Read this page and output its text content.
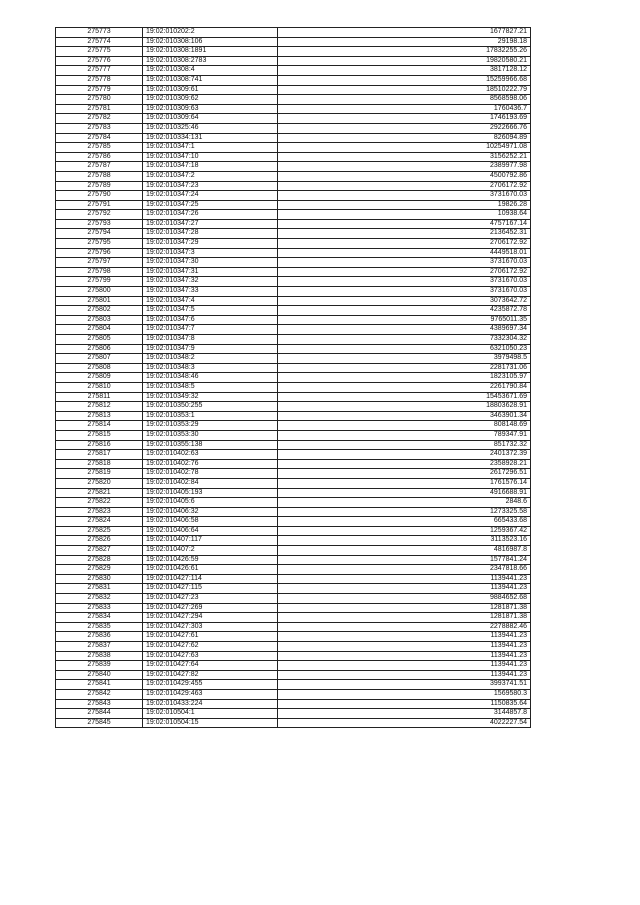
275773	19:02:010202:2	1677827.21
275774	19:02:010308:106	29198.18
275775	19:02:010308:1891	17832255.26
275776	19:02:010308:2783	19820580.21
275777	19:02:010308:4	3817128.12
275778	19:02:010308:741	15259966.68
275779	19:02:010309:61	18510222.79
275780	19:02:010309:62	8568598.06
275781	19:02:010309:63	1760436.7
275782	19:02:010309:64	1746193.69
275783	19:02:010325:46	2922666.76
275784	19:02:010334:131	826094.89
275785	19:02:010347:1	10254971.08
275786	19:02:010347:10	3156252.21
275787	19:02:010347:18	2389977.98
275788	19:02:010347:2	4500792.86
275789	19:02:010347:23	2706172.92
275790	19:02:010347:24	3731670.03
275791	19:02:010347:25	19826.28
275792	19:02:010347:26	10938.64
275793	19:02:010347:27	4757167.14
275794	19:02:010347:28	2136452.31
275795	19:02:010347:29	2706172.92
275796	19:02:010347:3	4449518.01
275797	19:02:010347:30	3731670.03
275798	19:02:010347:31	2706172.92
275799	19:02:010347:32	3731670.03
275800	19:02:010347:33	3731670.03
275801	19:02:010347:4	3073642.72
275802	19:02:010347:5	4235872.78
275803	19:02:010347:6	9765011.35
275804	19:02:010347:7	4389697.34
275805	19:02:010347:8	7332304.32
275806	19:02:010347:9	6321050.23
275807	19:02:010348:2	3979498.5
275808	19:02:010348:3	2281731.06
275809	19:02:010348:46	1823105.97
275810	19:02:010348:5	2261790.84
275811	19:02:010349:32	15453671.69
275812	19:02:010350:255	18803628.91
275813	19:02:010353:1	3463901.34
275814	19:02:010353:29	808148.69
275815	19:02:010353:30	789347.91
275816	19:02:010355:138	851732.32
275817	19:02:010402:63	2401372.39
275818	19:02:010402:76	2358928.21
275819	19:02:010402:78	2617296.51
275820	19:02:010402:84	1761576.14
275821	19:02:010405:193	4916688.91
275822	19:02:010405:6	2848.6
275823	19:02:010406:32	1273325.58
275824	19:02:010406:58	665433.68
275825	19:02:010406:64	1259367.42
275826	19:02:010407:117	3113523.16
275827	19:02:010407:2	4816987.8
275828	19:02:010426:59	1577841.24
275829	19:02:010426:61	2347818.66
275830	19:02:010427:114	1139441.23
275831	19:02:010427:115	1139441.23
275832	19:02:010427:23	9884652.68
275833	19:02:010427:269	1281871.38
275834	19:02:010427:294	1281871.38
275835	19:02:010427:303	2278882.46
275836	19:02:010427:61	1139441.23
275837	19:02:010427:62	1139441.23
275838	19:02:010427:63	1139441.23
275839	19:02:010427:64	1139441.23
275840	19:02:010427:82	1139441.23
275841	19:02:010429:455	3993741.51
275842	19:02:010429:463	1569580.3
275843	19:02:010433:224	1150835.64
275844	19:02:010504:1	3144857.8
275845	19:02:010504:15	4022227.54
